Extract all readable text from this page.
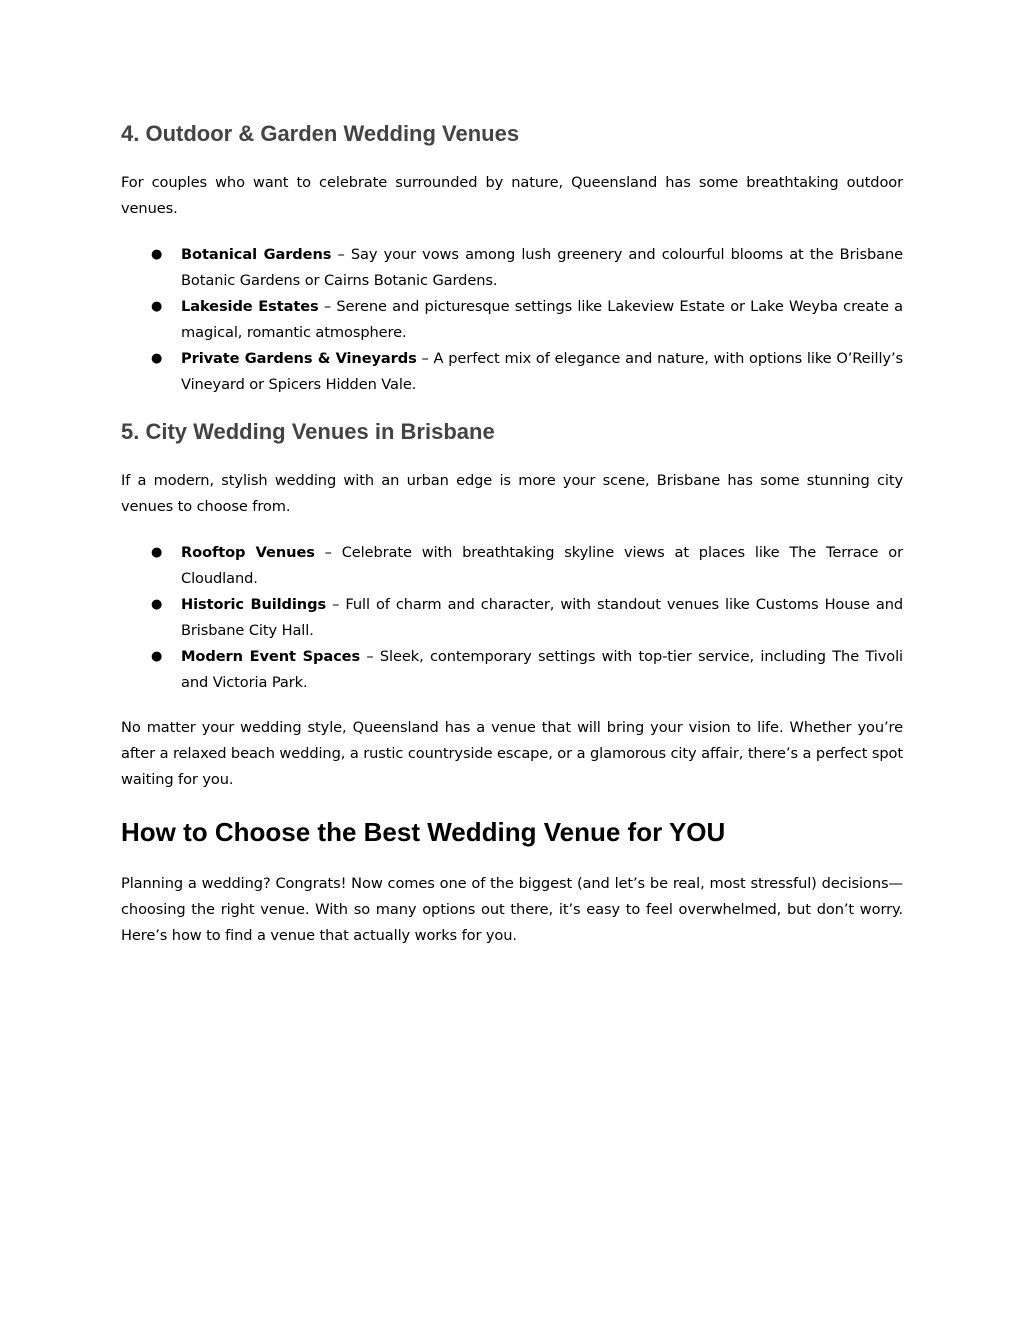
4. Outdoor & Garden Wedding Venues

For couples who want to celebrate surrounded by nature, Queensland has some breathtaking outdoor venues.

● Botanical Gardens – Say your vows among lush greenery and colourful blooms at the Brisbane Botanic Gardens or Cairns Botanic Gardens.
● Lakeside Estates – Serene and picturesque settings like Lakeview Estate or Lake Weyba create a magical, romantic atmosphere.
● Private Gardens & Vineyards – A perfect mix of elegance and nature, with options like O’Reilly’s Vineyard or Spicers Hidden Vale.
5. City Wedding Venues in Brisbane

If a modern, stylish wedding with an urban edge is more your scene, Brisbane has some stunning city venues to choose from.

● Rooftop Venues – Celebrate with breathtaking skyline views at places like The Terrace or Cloudland.
● Historic Buildings – Full of charm and character, with standout venues like Customs House and Brisbane City Hall.
● Modern Event Spaces – Sleek, contemporary settings with top-tier service, including The Tivoli and Victoria Park.

No matter your wedding style, Queensland has a venue that will bring your vision to life. Whether you’re after a relaxed beach wedding, a rustic countryside escape, or a glamorous city affair, there’s a perfect spot waiting for you.

How to Choose the Best Wedding Venue for YOU

Planning a wedding? Congrats! Now comes one of the biggest (and let’s be real, most stressful) decisions—choosing the right venue. With so many options out there, it’s easy to feel overwhelmed, but don’t worry. Here’s how to find a venue that actually works for you.
